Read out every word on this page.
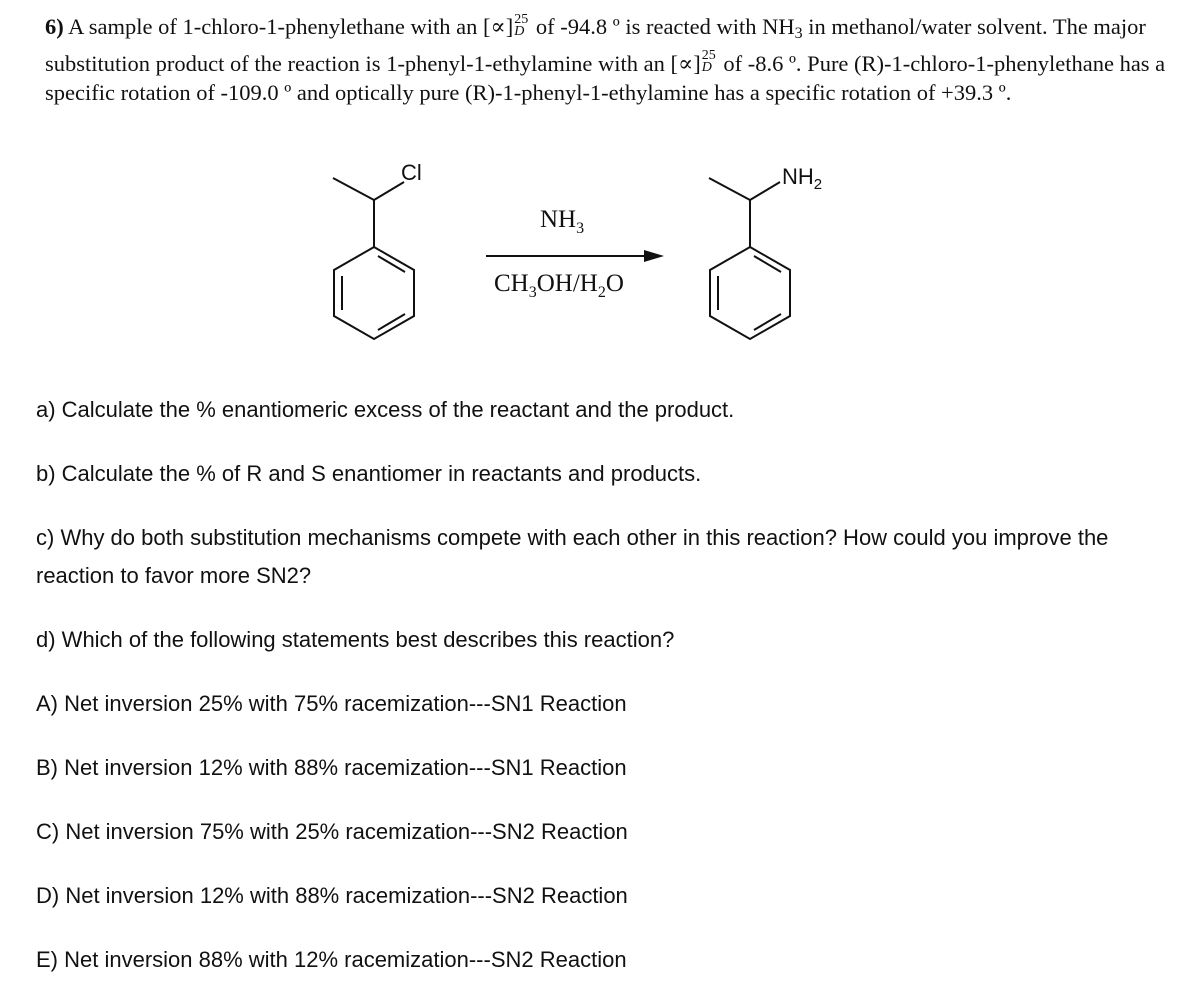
6) A sample of 1-chloro-1-phenylethane with an [∝] 25
D of -94.8 º is reacted with NH3 in methanol/water solvent. The major substitution product of the reaction is 1-phenyl-1-ethylamine with an [∝] 25
D of -8.6 º. Pure (R)-1-chloro-1-phenylethane has a specific rotation of -109.0 º and optically pure (R)-1-phenyl-1-ethylamine has a specific rotation of +39.3 º.
Cl	$NH_2$
$NH_3$
$CH_3OH/H_2O$

a) Calculate the % enantiomeric excess of the reactant and the product.

b) Calculate the % of R and S enantiomer in reactants and products.

c) Why do both substitution mechanisms compete with each other in this reaction? How could you improve the reaction to favor more SN2?

d) Which of the following statements best describes this reaction?

A) Net inversion 25% with 75% racemization---SN1 Reaction

B) Net inversion 12% with 88% racemization---SN1 Reaction

C) Net inversion 75% with 25% racemization---SN2 Reaction

D) Net inversion 12% with 88% racemization---SN2 Reaction

E) Net inversion 88% with 12% racemization---SN2 Reaction
